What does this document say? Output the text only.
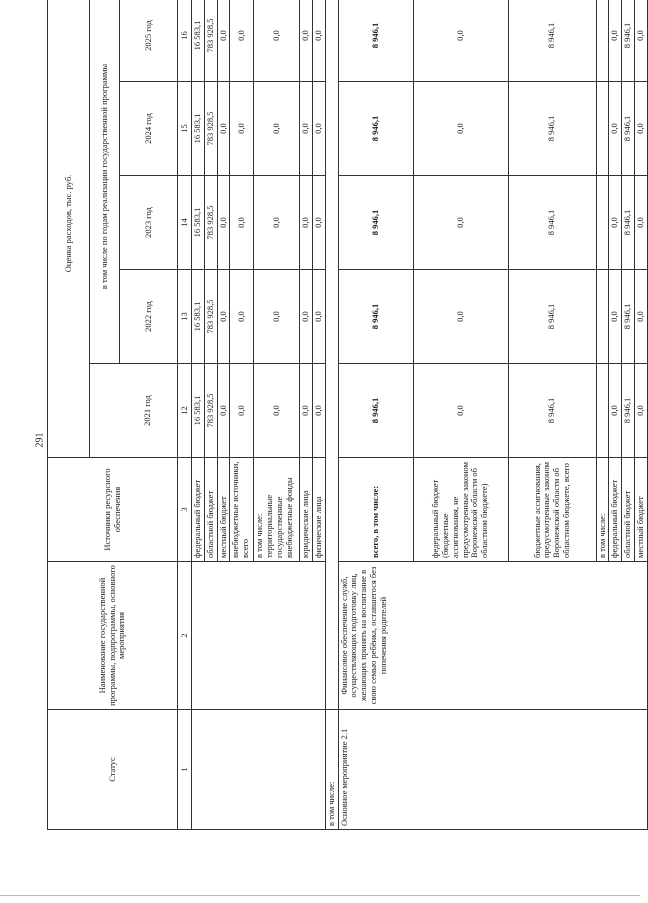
291
Статус	Наименование государственной программы, подпрограммы, основного мероприятия	Источники ресурсного обеспечения	Оценка расходов, тыс. руб.				
				в том числе по годам реализации государственной программы			
			2021 год	2022 год	2023 год	2024 год	2025 год
1	2	3	12	13	14	15	16
		федеральный бюджет	16 583,1	16 583,1	16 583,1	16 583,1	16 583,1
		областной бюджет	783 928,5	783 928,5	783 928,5	783 928,5	783 928,5
		местный бюджет	0,0	0,0	0,0	0,0	0,0
		внебюджетные источники, всего	0,0	0,0	0,0	0,0	0,0
		в том числе: территориальные государственные внебюджетные фонды	0,0	0,0	0,0	0,0	0,0
		юридические лица	0,0	0,0	0,0	0,0	0,0
		физические лица	0,0	0,0	0,0	0,0	0,0
в том числе:							
Основное мероприятие 2.1	Финансовое обеспечение служб, осуществляющих подготовку лиц, желающих принять на воспитание в свою семью ребёнка, оставшегося без попечения родителей	всего, в том числе:	8 946,1	8 946,1	8 946,1	8 946,1	8 946,1
		федеральный бюджет (бюджетные ассигнования, не предусмотренные законом Воронежской области об областном бюджете)	0,0	0,0	0,0	0,0	0,0
		бюджетные ассигнования, предусмотренные законом Воронежской области об областном бюджете, всего	8 946,1	8 946,1	8 946,1	8 946,1	8 946,1
		в том числе:					
		федеральный бюджет	0,0	0,0	0,0	0,0	0,0
		областной бюджет	8 946,1	8 946,1	8 946,1	8 946,1	8 946,1
		местный бюджет	0,0	0,0	0,0	0,0	0,0
